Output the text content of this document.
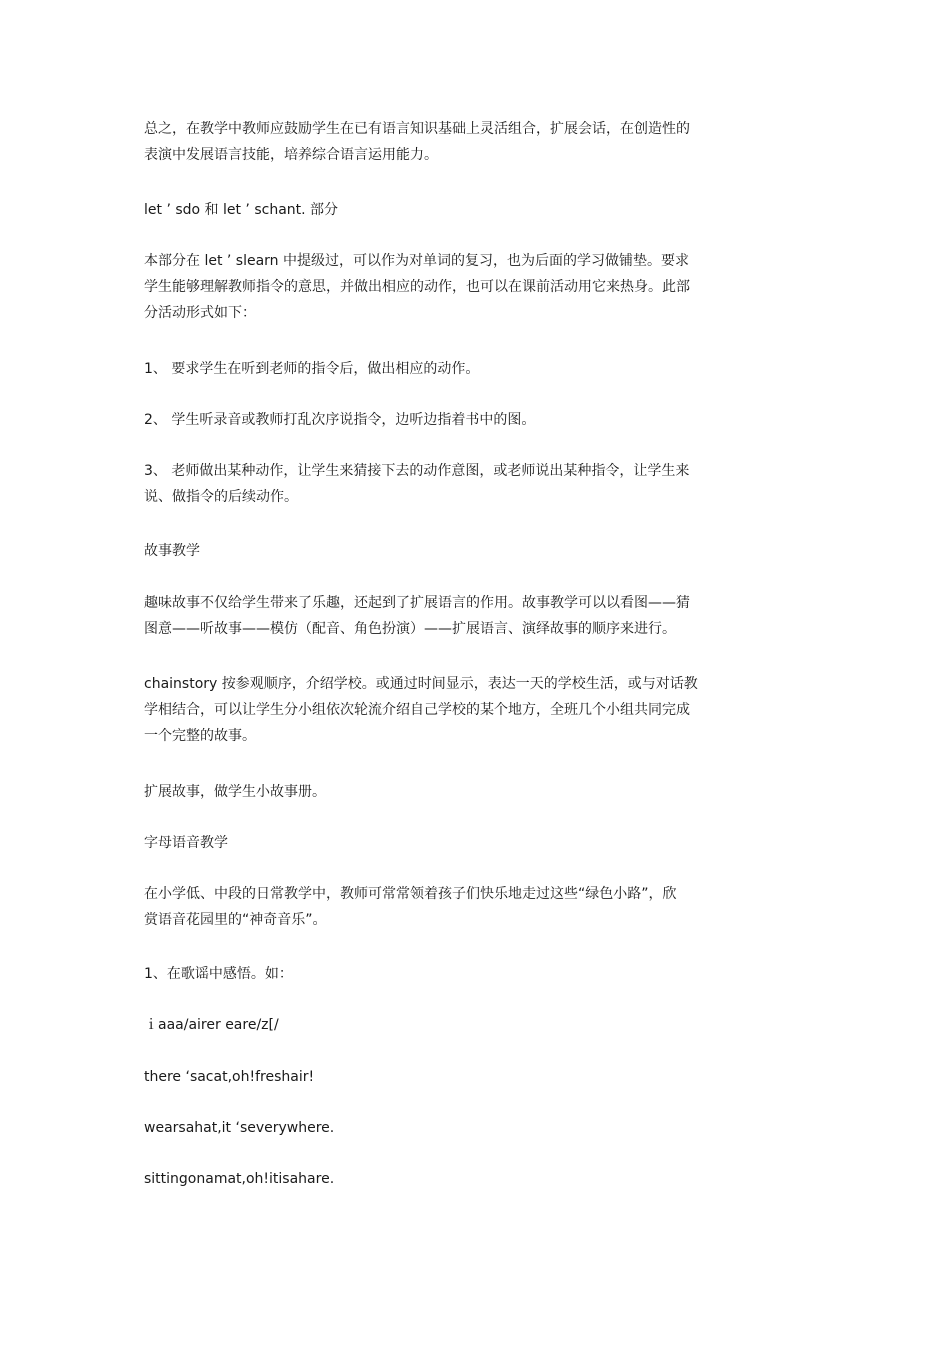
总之，在教学中教师应鼓励学生在已有语言知识基础上灵活组合，扩展会话，在创造性的
表演中发展语言技能，培养综合语言运用能力。
let ’ sdo 和 let ’ schant. 部分
本部分在 let ’ slearn 中提级过，可以作为对单词的复习，也为后面的学习做铺垫。要求
学生能够理解教师指令的意思，并做出相应的动作，也可以在课前活动用它来热身。此部
分活动形式如下：
1、 要求学生在听到老师的指令后，做出相应的动作。
2、 学生听录音或教师打乱次序说指令，边听边指着书中的图。
3、 老师做出某种动作，让学生来猜接下去的动作意图，或老师说出某种指令，让学生来
说、做指令的后续动作。
故事教学
趣味故事不仅给学生带来了乐趣，还起到了扩展语言的作用。故事教学可以以看图——猜
图意——听故事——模仿（配音、角色扮演）——扩展语言、演绎故事的顺序来进行。
chainstory 按参观顺序，介绍学校。或通过时间显示，表达一天的学校生活，或与对话教
学相结合，可以让学生分小组依次轮流介绍自己学校的某个地方，全班几个小组共同完成
一个完整的故事。
扩展故事，做学生小故事册。
字母语音教学
在小学低、中段的日常教学中，教师可常常领着孩子们快乐地走过这些“绿色小路”，欣
赏语音花园里的“神奇音乐”。
1、在歌谣中感悟。如：
ｉaaa/airer eare/z[/
there ‘sacat,oh!freshair!
wearsahat,it ‘severywhere.
sittingonamat,oh!itisahare.
